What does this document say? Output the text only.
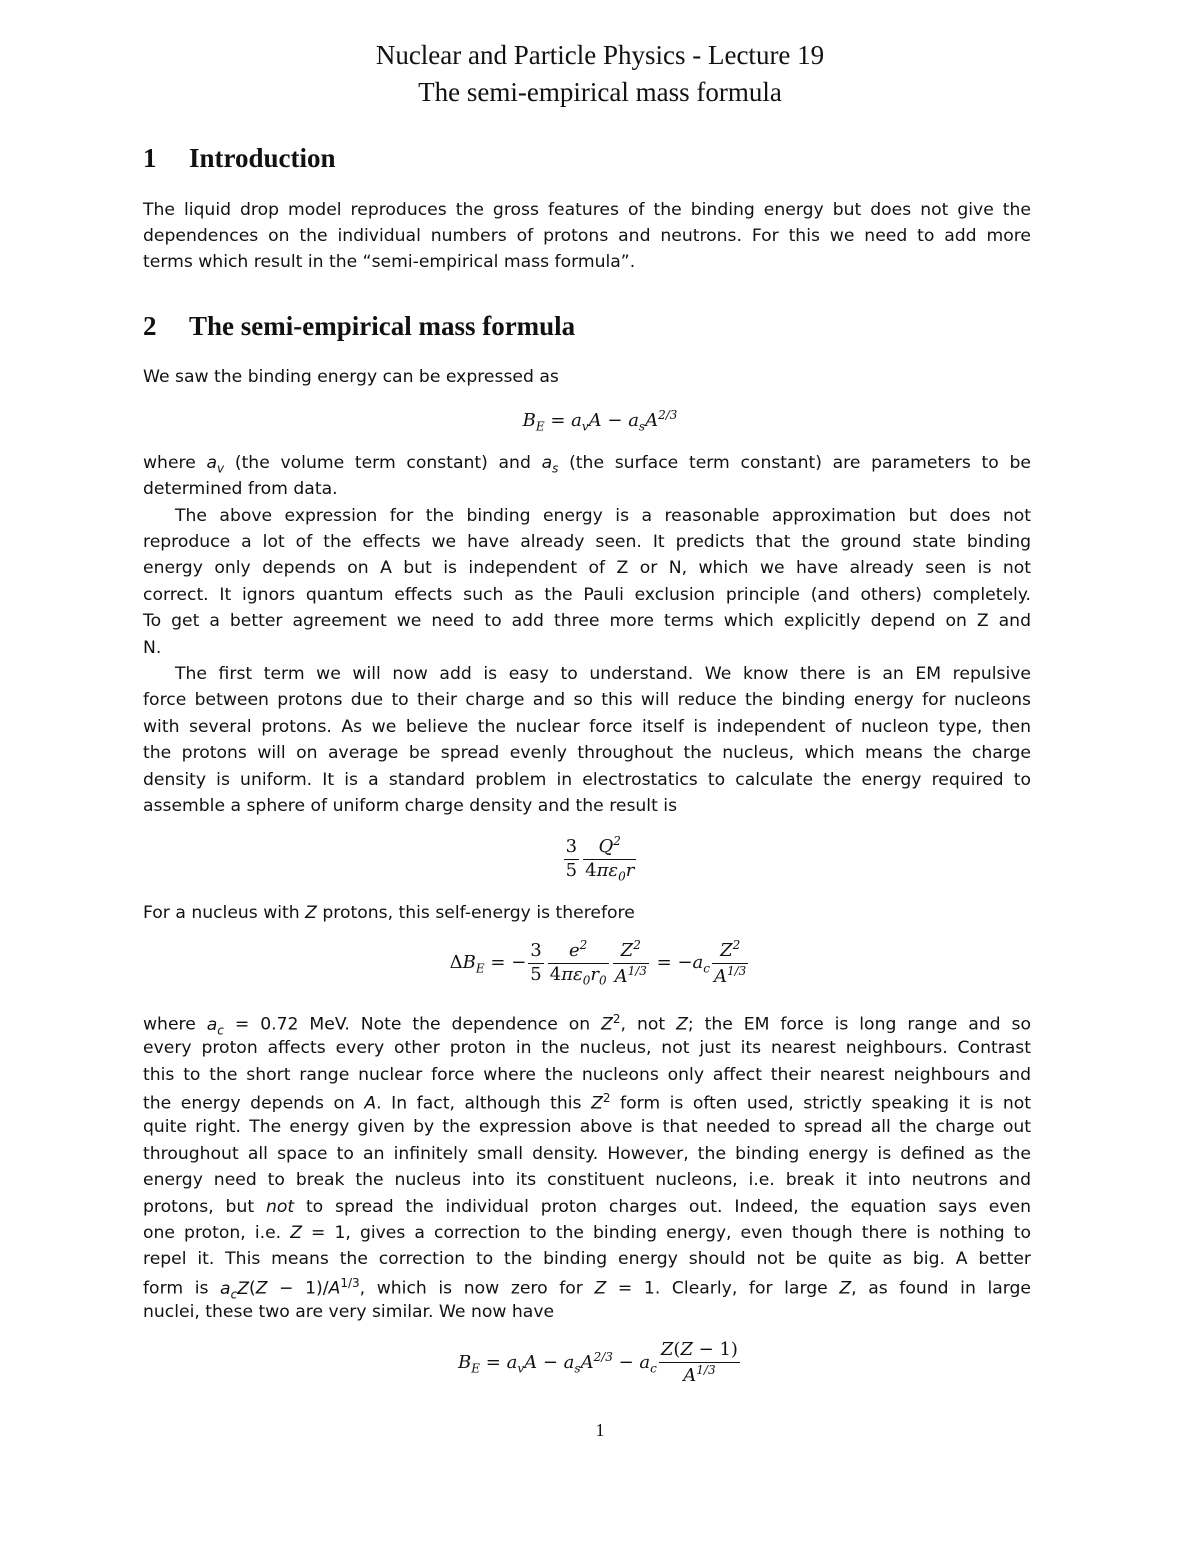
Nuclear and Particle Physics - Lecture 19
The semi-empirical mass formula
1 Introduction
The liquid drop model reproduces the gross features of the binding energy but does not give the
dependences on the individual numbers of protons and neutrons. For this we need to add more
terms which result in the “semi-empirical mass formula”.
2 The semi-empirical mass formula
We saw the binding energy can be expressed as
$B_E = a_vA - a_sA^{2/3}$
where $a_v$ (the volume term constant) and $a_s$ (the surface term constant) are parameters to be
determined from data.
The above expression for the binding energy is a reasonable approximation but does not
reproduce a lot of the effects we have already seen. It predicts that the ground state binding
energy only depends on A but is independent of Z or N, which we have already seen is not
correct. It ignors quantum effects such as the Pauli exclusion principle (and others) completely.
To get a better agreement we need to add three more terms which explicitly depend on Z and
N.
The first term we will now add is easy to understand. We know there is an EM repulsive
force between protons due to their charge and so this will reduce the binding energy for nucleons
with several protons. As we believe the nuclear force itself is independent of nucleon type, then
the protons will on average be spread evenly throughout the nucleus, which means the charge
density is uniform. It is a standard problem in electrostatics to calculate the energy required to
assemble a sphere of uniform charge density and the result is
$\frac{3}{5} \frac{Q^2}{4\pi\varepsilon_0r}$
For a nucleus with Z protons, this self-energy is therefore
$\Delta B_E$ = − $\frac{3}{5} \frac{e^2}{4\pi\varepsilon_0r_0} \frac{Z^2}{A^{1/3}} = -a_c \frac{Z^2}{A^{1/3}}$
where $a_c = 0.72$ MeV. Note the dependence on $Z^2$, not Z; the EM force is long range and so
every proton affects every other proton in the nucleus, not just its nearest neighbours. Contrast
this to the short range nuclear force where the nucleons only affect their nearest neighbours and
the energy depends on A. In fact, although this $Z^2$ form is often used, strictly speaking it is not
quite right. The energy given by the expression above is that needed to spread all the charge out
throughout all space to an infinitely small density. However, the binding energy is defined as the
energy need to break the nucleus into its constituent nucleons, i.e. break it into neutrons and
protons, but not to spread the individual proton charges out. Indeed, the equation says even
one proton, i.e. Z = 1, gives a correction to the binding energy, even though there is nothing to
repel it. This means the correction to the binding energy should not be quite as big. A better
form is $a_cZ(Z - 1)/A^{1/3}$, which is now zero for Z = 1. Clearly, for large Z, as found in large
nuclei, these two are very similar. We now have
$B_E = a_vA - a_sA^{2/3} - a_c \frac{Z(Z - 1)}{A^{1/3}}$
1
